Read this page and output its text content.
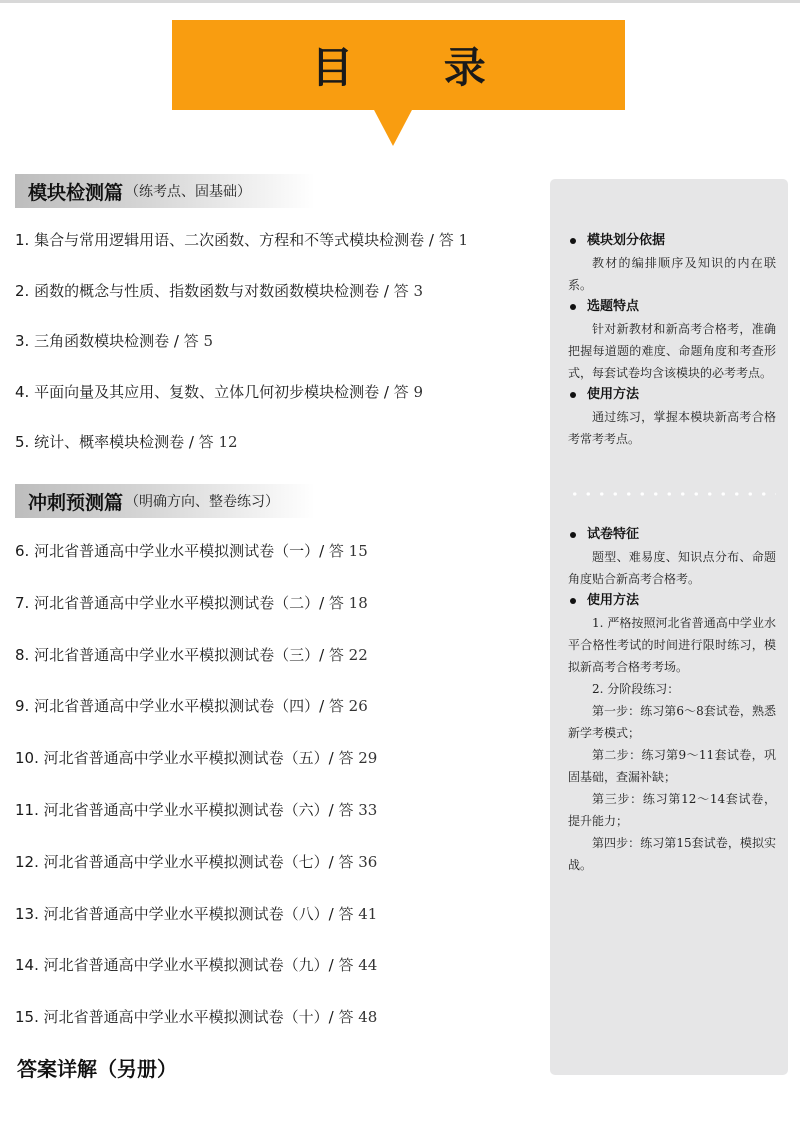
目 录
模块检测篇 （练考点、固基础）
1. 集合与常用逻辑用语、二次函数、方程和不等式模块检测卷 / 答 1
2. 函数的概念与性质、指数函数与对数函数模块检测卷 / 答 3
3. 三角函数模块检测卷 / 答 5
4. 平面向量及其应用、复数、立体几何初步模块检测卷 / 答 9
5. 统计、概率模块检测卷 / 答 12
冲刺预测篇 （明确方向、整卷练习）
6. 河北省普通高中学业水平模拟测试卷（一）/ 答 15
7. 河北省普通高中学业水平模拟测试卷（二）/ 答 18
8. 河北省普通高中学业水平模拟测试卷（三）/ 答 22
9. 河北省普通高中学业水平模拟测试卷（四）/ 答 26
10. 河北省普通高中学业水平模拟测试卷（五）/ 答 29
11. 河北省普通高中学业水平模拟测试卷（六）/ 答 33
12. 河北省普通高中学业水平模拟测试卷（七）/ 答 36
13. 河北省普通高中学业水平模拟测试卷（八）/ 答 41
14. 河北省普通高中学业水平模拟测试卷（九）/ 答 44
15. 河北省普通高中学业水平模拟测试卷（十）/ 答 48
答案详解（另册）
模块划分依据
教材的编排顺序及知识的内在联系。
选题特点
针对新教材和新高考合格考，准确把握每道题的难度、命题角度和考查形式，每套试卷均含该模块的必考考点。
使用方法
通过练习，掌握本模块新高考合格考常考考点。
试卷特征
题型、难易度、知识点分布、命题角度贴合新高考合格考。
使用方法
1. 严格按照河北省普通高中学业水平合格性考试的时间进行限时练习，模拟新高考合格考考场。
2. 分阶段练习：
第一步：练习第6～8套试卷，熟悉新学考模式；
第二步：练习第9～11套试卷，巩固基础，查漏补缺；
第三步：练习第12～14套试卷，提升能力；
第四步：练习第15套试卷，模拟实战。
